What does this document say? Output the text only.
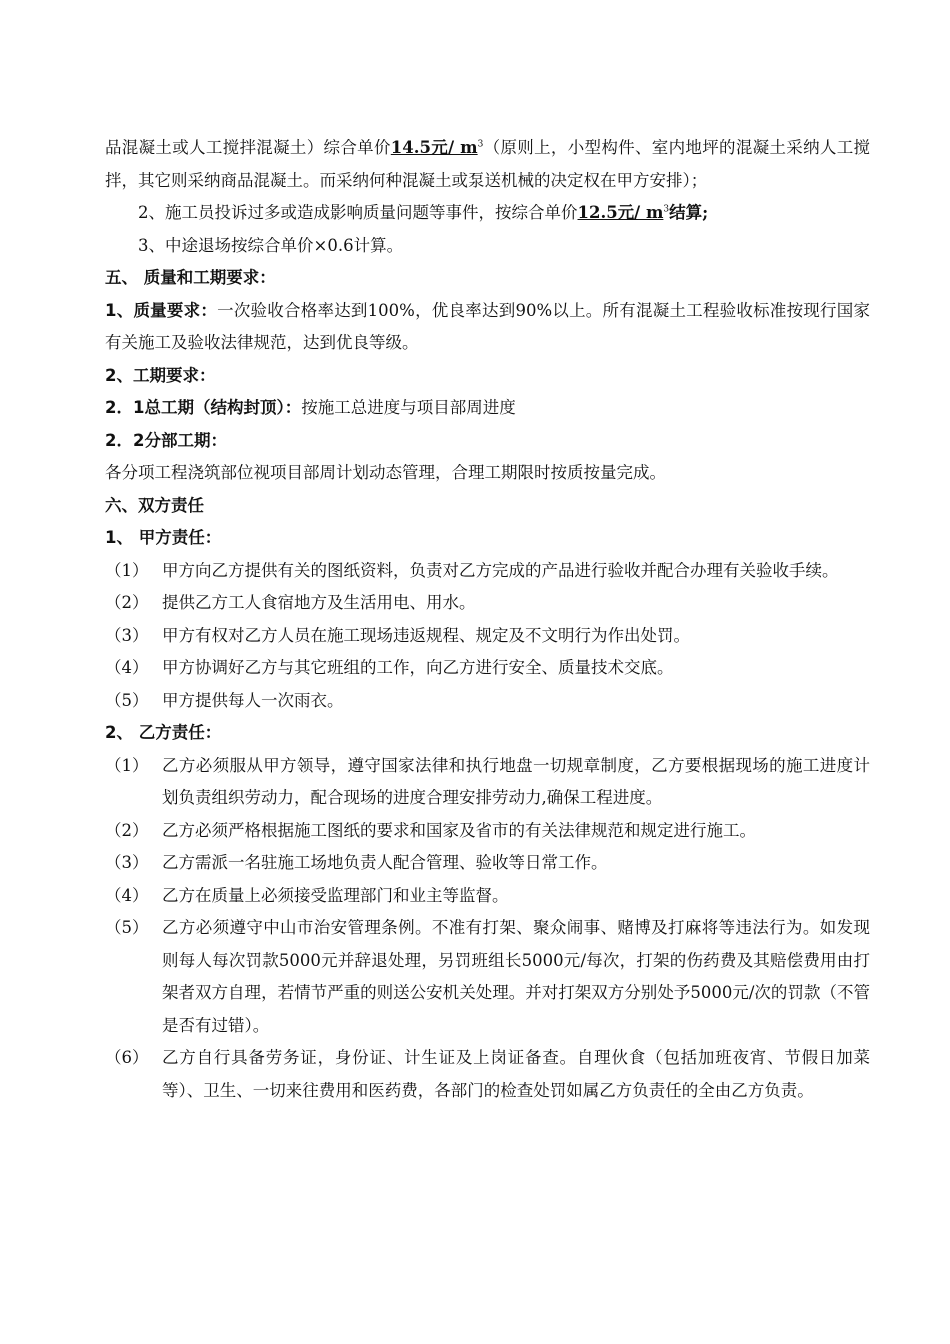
品混凝土或人工搅拌混凝土）综合单价14.5元/ $m^3$（原则上，小型构件、室内地坪的混凝土采纳人工搅拌，其它则采纳商品混凝土。而采纳何种混凝土或泵送机械的决定权在甲方安排）；

2、施工员投诉过多或造成影响质量问题等事件，按综合单价12.5元/ $m^3$结算;

3、中途退场按综合单价×0.6计算。

五、 质量和工期要求：

1、质量要求：一次验收合格率达到100%，优良率达到90%以上。所有混凝土工程验收标准按现行国家有关施工及验收法律规范，达到优良等级。

2、工期要求：

2．1总工期（结构封顶）：按施工总进度与项目部周进度

2．2分部工期：

各分项工程浇筑部位视项目部周计划动态管理，合理工期限时按质按量完成。

六、双方责任

1、 甲方责任：

（1） 甲方向乙方提供有关的图纸资料，负责对乙方完成的产品进行验收并配合办理有关验收手续。
（2） 提供乙方工人食宿地方及生活用电、用水。
（3） 甲方有权对乙方人员在施工现场违返规程、规定及不文明行为作出处罚。
（4） 甲方协调好乙方与其它班组的工作，向乙方进行安全、质量技术交底。
（5） 甲方提供每人一次雨衣。

2、 乙方责任：

（1） 乙方必须服从甲方领导，遵守国家法律和执行地盘一切规章制度，乙方要根据现场的施工进度计划负责组织劳动力，配合现场的进度合理安排劳动力,确保工程进度。
（2） 乙方必须严格根据施工图纸的要求和国家及省市的有关法律规范和规定进行施工。
（3） 乙方需派一名驻施工场地负责人配合管理、验收等日常工作。
（4） 乙方在质量上必须接受监理部门和业主等监督。
（5） 乙方必须遵守中山市治安管理条例。不准有打架、聚众闹事、赌博及打麻将等违法行为。如发现则每人每次罚款5000元并辞退处理，另罚班组长5000元/每次，打架的伤药费及其赔偿费用由打架者双方自理，若情节严重的则送公安机关处理。并对打架双方分别处予5000元/次的罚款（不管是否有过错）。
（6） 乙方自行具备劳务证，身份证、计生证及上岗证备查。自理伙食（包括加班夜宵、节假日加菜等）、卫生、一切来往费用和医药费，各部门的检查处罚如属乙方负责任的全由乙方负责。
